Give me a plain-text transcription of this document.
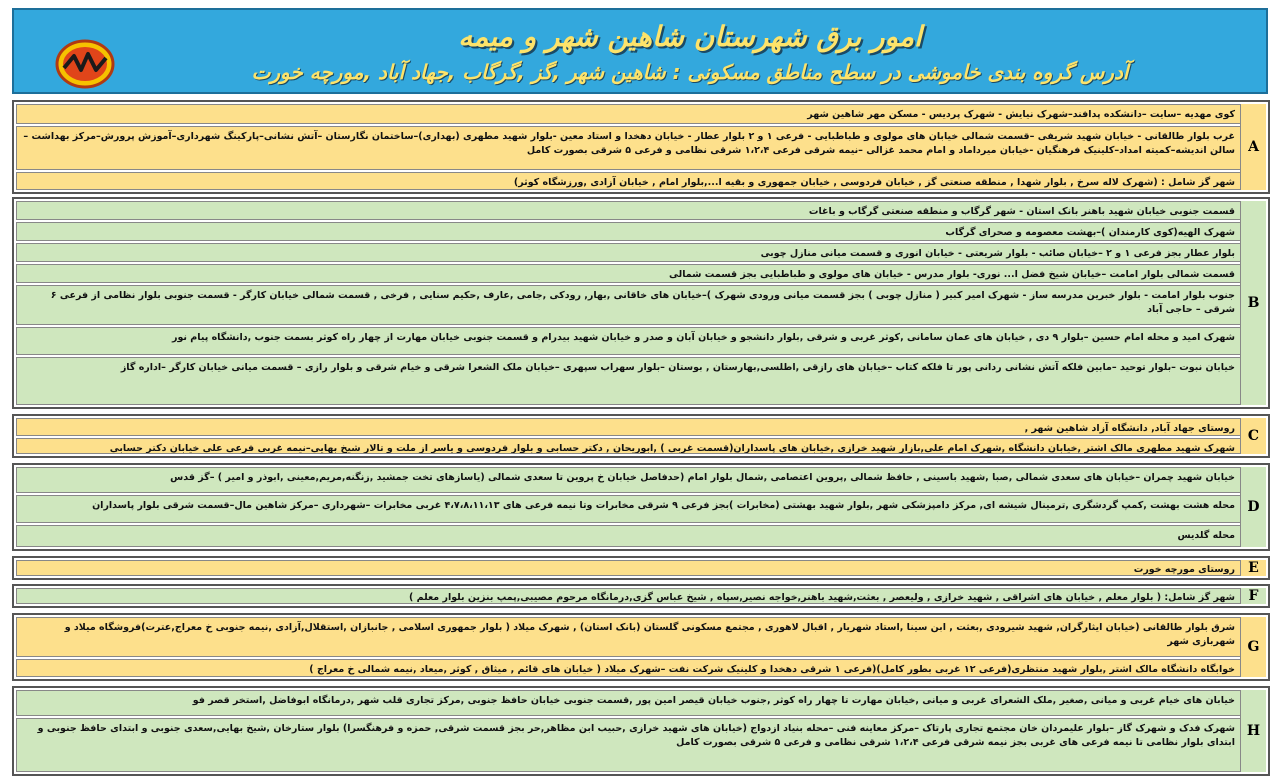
امور برق شهرستان شاهین شهر و میمه
آدرس گروه بندی خاموشی در سطح مناطق مسکونی : شاهین شهر ,گز ,گرگاب ,جهاد آباد ,مورچه خورت
کوی مهدیه –سایت –دانشکده پدافند–شهرک نیایش - شهرک پردیس - مسکن مهر شاهین شهر
غرب بلوار طالقانی - خیابان شهید شریفی –قسمت شمالی خیابان های مولوی و طباطبایی - فرعی ۱ و ۲ بلوار عطار - خیابان دهخدا و استاد معین -بلوار شهید مطهری (بهداری)–ساختمان نگارستان –آتش نشانی–پارکینگ شهرداری–آموزش پرورش–مرکز بهداشت – سالن اندیشه–کمیته امداد–کلینیک فرهنگیان -خیابان میرداماد و امام محمد غزالی –نیمه شرقی فرعی ۱،۲،۴ شرقی نظامی و فرعی ۵ شرقی بصورت کامل
شهر گز شامل : (شهرک لاله سرخ , بلوار شهدا , منطقه صنعتی گز , خیابان فردوسی , خیابان جمهوری و بقیه ا...,بلوار امام , خیابان آزادی ,ورزشگاه کوثر)
A
قسمت جنوبی خیابان شهید باهنر بانک استان - شهر گرگاب و منطقه صنعتی گرگاب و باغات
شهرک الهیه(کوی کارمندان )–بهشت معصومه و صحرای گرگاب
بلوار عطار بجز فرعی ۱ و ۲ –خیابان صائب - بلوار شریعتی - خیابان انوری و قسمت میانی منازل چوبی
قسمت شمالی بلوار امامت –خیابان شیخ فضل ا... نوری- بلوار مدرس - خیابان های مولوی و طباطبایی بجز قسمت شمالی
جنوب بلوار امامت - بلوار خبرین مدرسه ساز - شهرک امیر کبیر ( منازل چوبی ) بجز قسمت میانی ورودی شهرک )–خیابان های خاقانی ,بهار, رودکی ,جامی ,عارف ,حکیم سنایی , فرخی , قسمت شمالی خیابان کارگر - قسمت جنوبی بلوار نظامی از فرعی ۶ شرقی – حاجی آباد
شهرک امید و محله امام حسین –بلوار ۹ دی , خیابان های عمان سامانی ,کوثر غربی و شرقی ,بلوار دانشجو و خیابان آبان و صدر و خیابان شهید بیدرام و قسمت جنوبی خیابان مهارت از چهار راه کوثر بسمت جنوب ,دانشگاه پیام نور
خیابان نبوت –بلوار توحید –مابین فلکه آتش نشانی ردانی پور تا فلکه کتاب –خیابان های رازقی ,اطلسی,بهارستان , بوستان –بلوار سهراب سپهری –خیابان ملک الشعرا شرقی و خیام شرقی و بلوار رازی – قسمت میانی خیابان کارگر –اداره گاز
B
روستای جهاد آباد, دانشگاه آزاد شاهین شهر ,
شهرک شهید مطهری مالک اشتر ,خیابان دانشگاه ,شهرک امام علی,بازار شهید خرازی ,خیابان های پاسداران(قسمت غربی ) ,ابوریحان , دکتر حسابی و بلوار فردوسی و یاسر از ملت و تالار شیخ بهایی–نیمه غربی فرعی علی خیابان دکتر حسابی
C
خیابان شهید چمران –خیابان های سعدی شمالی ,صبا ,شهید باسینی , حافظ شمالی ,پروین اعتصامی ,شمال بلوار امام (حدفاصل خیابان خ پروین تا سعدی شمالی (یاسازهای تخت جمشید ,زنگنه,مریم,معینی ,ابوذر و امیر ) –گز قدس
محله هشت بهشت ,کمپ گردشگری ,ترمینال شیشه ای, مرکز دامپزشکی شهر ,بلوار شهید بهشتی (مخابرات )بجز فرعی ۹ شرقی مخابرات وتا نیمه فرعی های ۴،۷،۸،۱۱،۱۳ غربی مخابرات –شهرداری –مرکز شاهین مال–قسمت شرقی بلوار پاسداران
محله گلدیس
D
روستای مورچه خورت E
شهر گز شامل: ( بلوار معلم , خیابان های اشراقی , شهید خرازی , ولیعصر , بعثت,شهید باهنر,خواجه نصیر,سپاه , شیخ عباس گزی,درمانگاه مرحوم مصیبی,پمپ بنزین بلوار معلم ) F
شرق بلوار طالقانی (خیابان ایثارگران, شهید شیرودی ,بعثت , ابن سینا ,استاد شهریار , اقبال لاهوری , مجتمع مسکونی گلستان (بانک استان) , شهرک میلاد ( بلوار جمهوری اسلامی , جانبازان ,استقلال,آزادی ,نیمه جنوبی خ معراج,عترت)فروشگاه میلاد و شهربازی شهر
خوابگاه دانشگاه مالک اشتر ,بلوار شهید منتظری(فرعی ۱۲ غربی بطور کامل)(فرعی ۱ شرقی دهخدا و کلینیک شرکت نفت –شهرک میلاد ( خیابان های قائم , میثاق , کوثر ,میعاد ,نیمه شمالی خ معراج )
G
خیابان های خیام غربی و میانی ,صغیر ,ملک الشعرای غربی و میانی ,خیابان مهارت تا چهار راه کوثر ,جنوب خیابان قیصر امین پور ,قسمت جنوبی خیابان حافظ جنوبی ,مرکز تجاری قلب شهر ,درمانگاه ابوفاضل ,استخر قصر فو
شهرک فدک و شهرک گاز –بلوار علیمردان خان مجتمع تجاری پارتاک –مرکز معاینه فنی –محله بنیاد ازدواج (خیابان های شهید خرازی ,حبیب ابن مظاهر,حر بجز قسمت شرقی, حمزه و فرهنگسرا) بلوار ستارخان ,شیخ بهایی,سعدی جنوبی و ابتدای حافظ جنوبی و ابتدای بلوار نظامی تا نیمه فرعی های غربی بجز نیمه شرقی فرعی ۱،۲،۴ شرقی نظامی و فرعی ۵ شرقی بصورت کامل
H
